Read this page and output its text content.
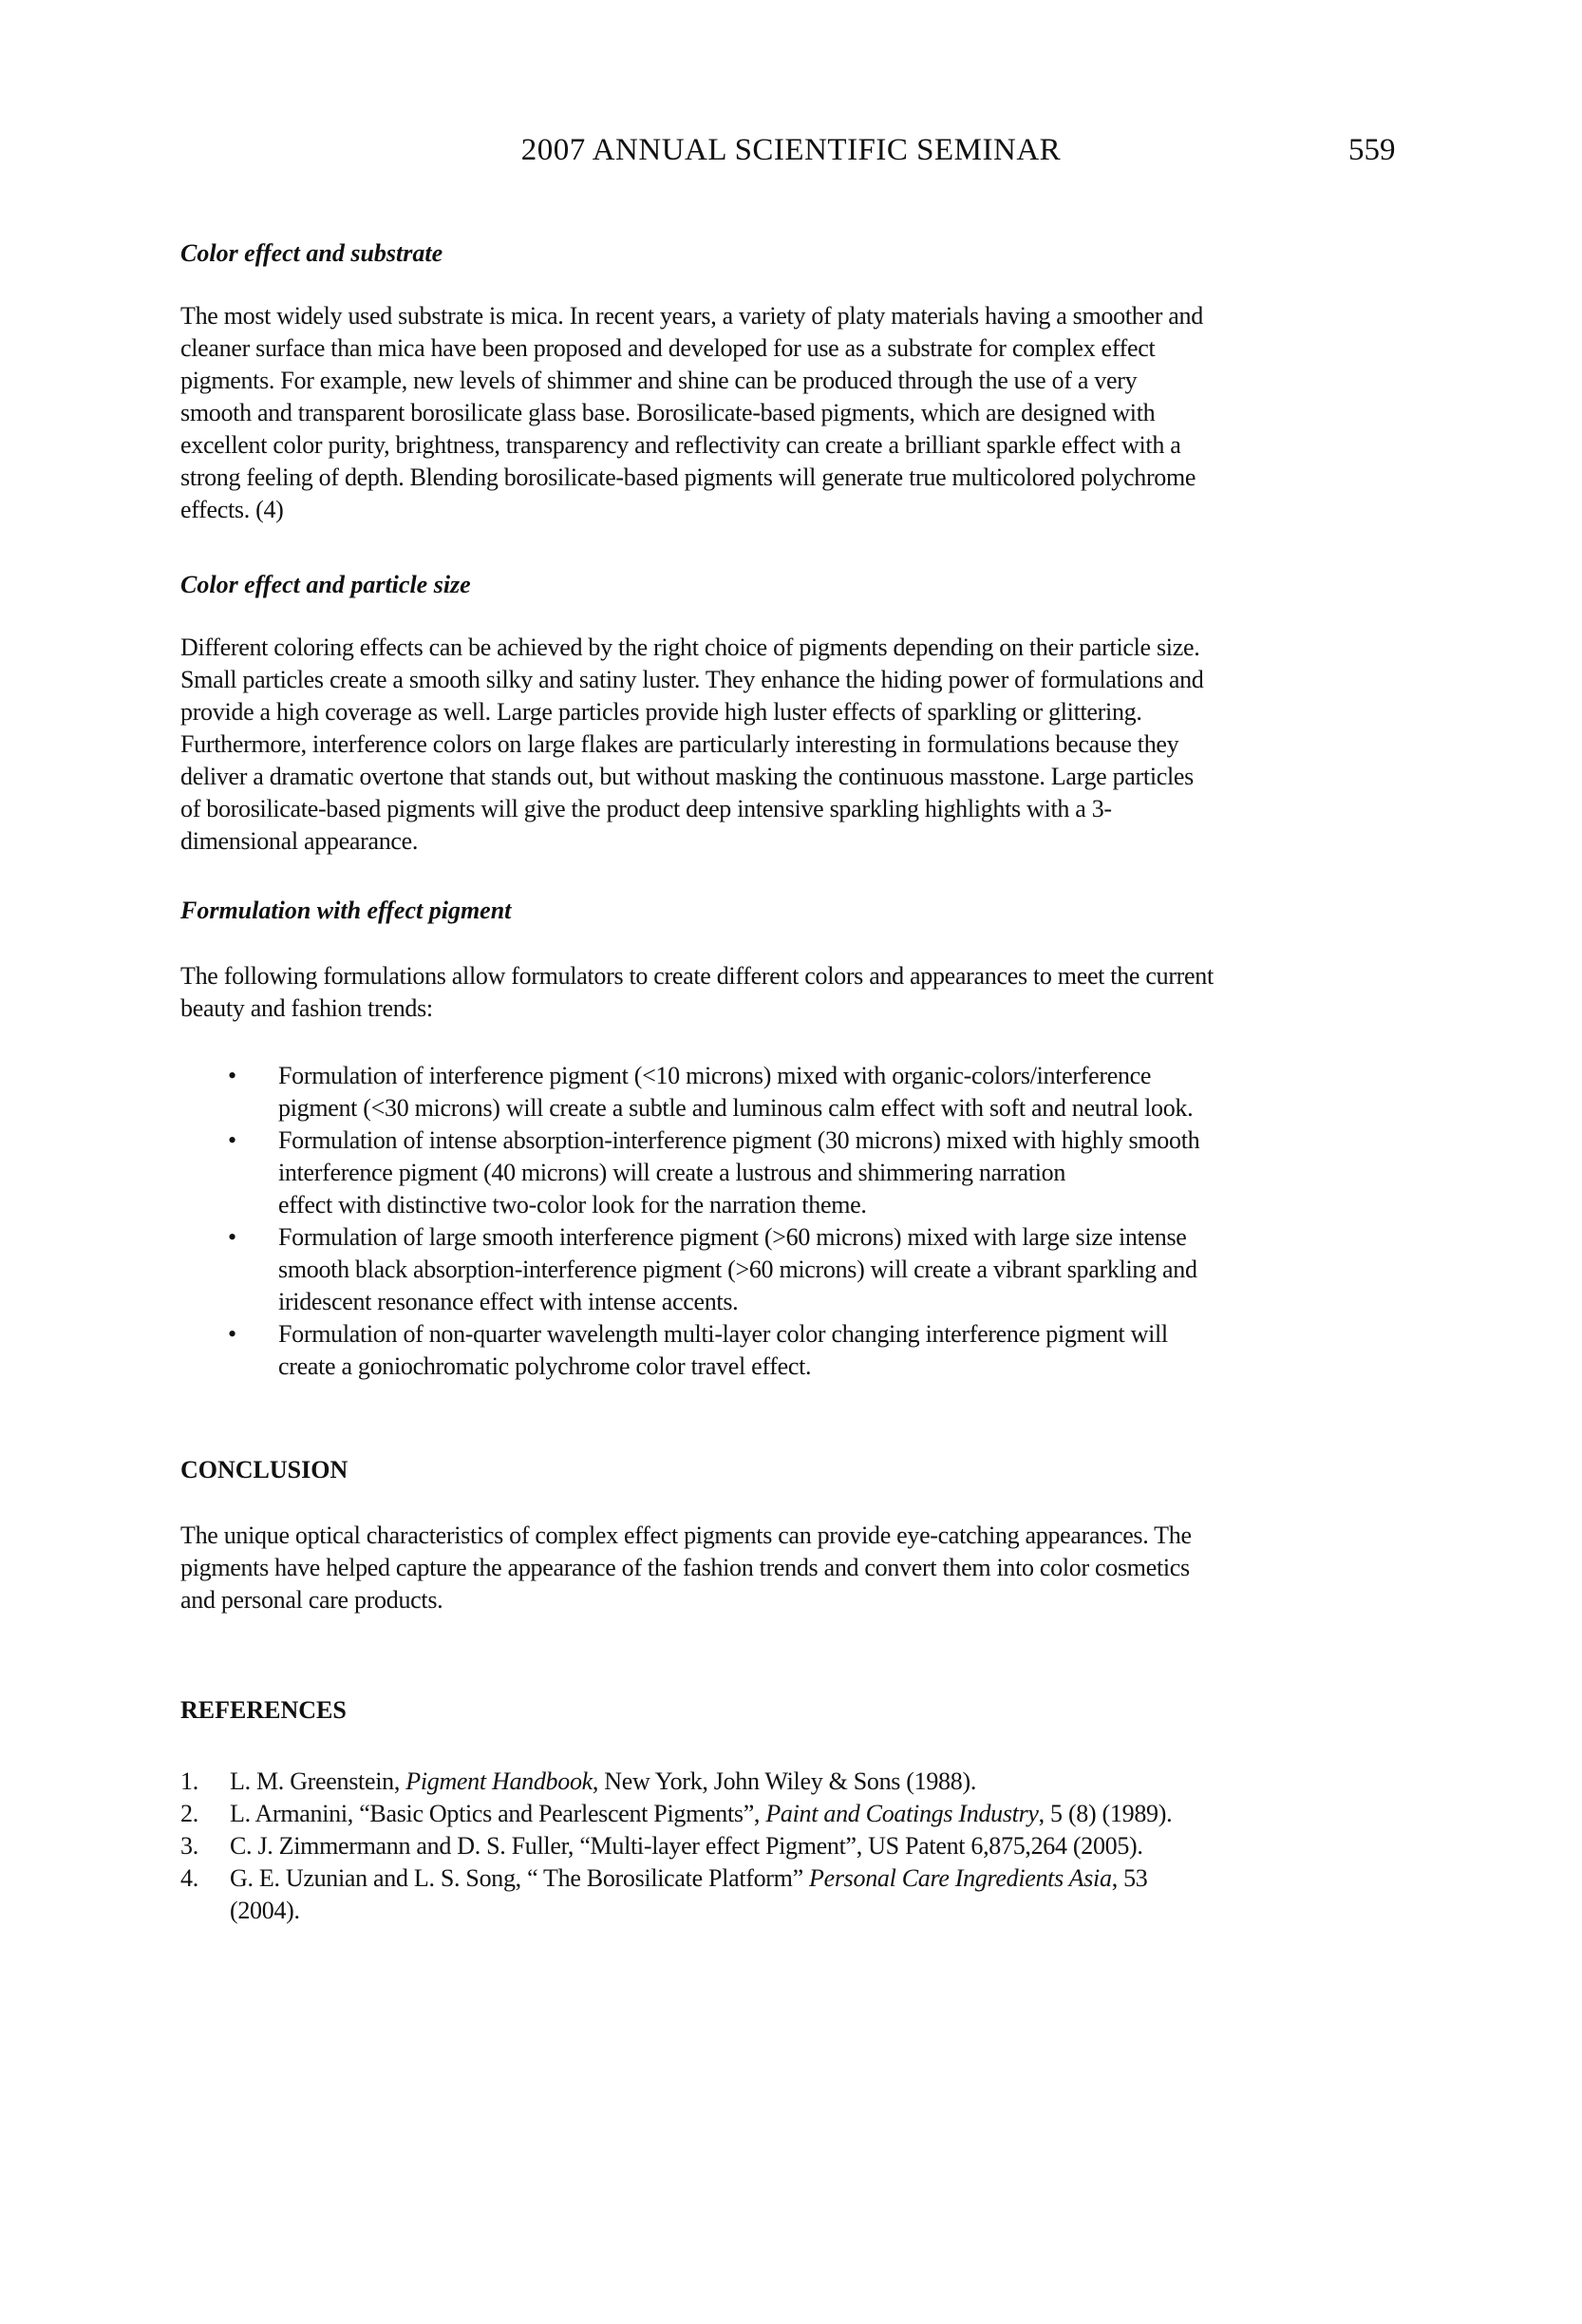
2007 ANNUAL SCIENTIFIC SEMINAR	559
Color effect and substrate
The most widely used substrate is mica. In recent years, a variety of platy materials having a smoother and
cleaner surface than mica have been proposed and developed for use as a substrate for complex effect
pigments. For example, new levels of shimmer and shine can be produced through the use of a very
smooth and transparent borosilicate glass base. Borosilicate-based pigments, which are designed with
excellent color purity, brightness, transparency and reflectivity can create a brilliant sparkle effect with a
strong feeling of depth. Blending borosilicate-based pigments will generate true multicolored polychrome
effects. (4)
Color effect and particle size
Different coloring effects can be achieved by the right choice of pigments depending on their particle size.
Small particles create a smooth silky and satiny luster. They enhance the hiding power of formulations and
provide a high coverage as well. Large particles provide high luster effects of sparkling or glittering.
Furthermore, interference colors on large flakes are particularly interesting in formulations because they
deliver a dramatic overtone that stands out, but without masking the continuous masstone. Large particles
of borosilicate-based pigments will give the product deep intensive sparkling highlights with a 3-
dimensional appearance.
Formulation with effect pigment
The following formulations allow formulators to create different colors and appearances to meet the current
beauty and fashion trends:
• Formulation of interference pigment (<10 microns) mixed with organic-colors/interference
pigment (<30 microns) will create a subtle and luminous calm effect with soft and neutral look.
• Formulation of intense absorption-interference pigment (30 microns) mixed with highly smooth
interference pigment (40 microns) will create a lustrous and shimmering narration
effect with distinctive two-color look for the narration theme.
• Formulation of large smooth interference pigment (>60 microns) mixed with large size intense
smooth black absorption-interference pigment (>60 microns) will create a vibrant sparkling and
iridescent resonance effect with intense accents.
• Formulation of non-quarter wavelength multi-layer color changing interference pigment will
create a goniochromatic polychrome color travel effect.
CONCLUSION
The unique optical characteristics of complex effect pigments can provide eye-catching appearances. The
pigments have helped capture the appearance of the fashion trends and convert them into color cosmetics
and personal care products.
REFERENCES
1. L. M. Greenstein, Pigment Handbook, New York, John Wiley & Sons (1988).
2. L. Armanini, “Basic Optics and Pearlescent Pigments”, Paint and Coatings Industry, 5 (8) (1989).
3. C. J. Zimmermann and D. S. Fuller, “Multi-layer effect Pigment”, US Patent 6,875,264 (2005).
4. G. E. Uzunian and L. S. Song, “ The Borosilicate Platform” Personal Care Ingredients Asia, 53
(2004).
